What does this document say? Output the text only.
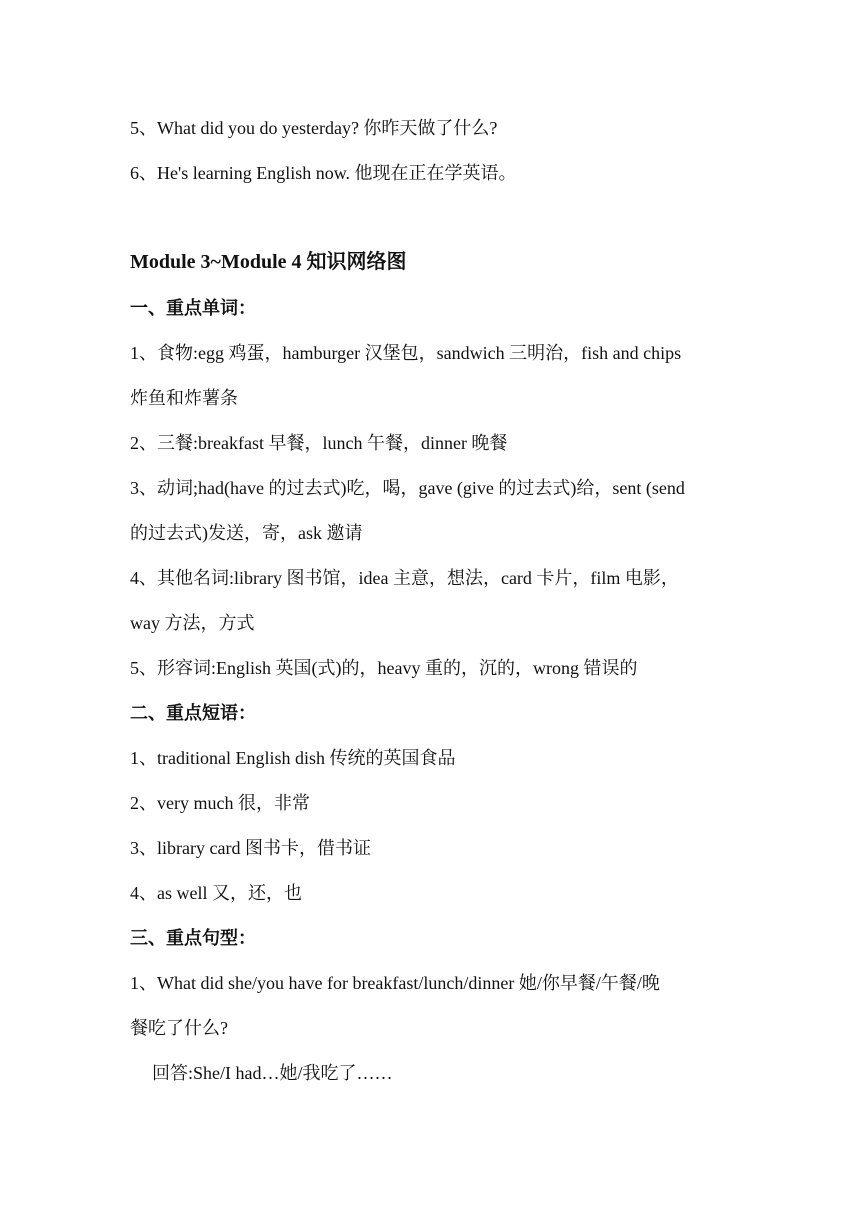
5、What did you do yesterday? 你昨天做了什么?
6、He's learning English now. 他现在正在学英语。
Module 3~Module 4 知识网络图
一、重点单词：
1、食物:egg 鸡蛋，hamburger 汉堡包，sandwich 三明治，fish and chips
炸鱼和炸薯条
2、三餐:breakfast 早餐，lunch 午餐，dinner 晚餐
3、动词;had(have 的过去式)吃，喝，gave (give 的过去式)给，sent (send
的过去式)发送，寄，ask 邀请
4、其他名词:library 图书馆，idea 主意，想法，card 卡片，film 电影，
way 方法，方式
5、形容词:English 英国(式)的，heavy 重的，沉的，wrong 错误的
二、重点短语：
1、traditional English dish 传统的英国食品
2、very much 很，非常
3、library card 图书卡，借书证
4、as well 又，还，也
三、重点句型：
1、What did she/you have for breakfast/lunch/dinner 她/你早餐/午餐/晚
餐吃了什么?
回答:She/I had…她/我吃了……
